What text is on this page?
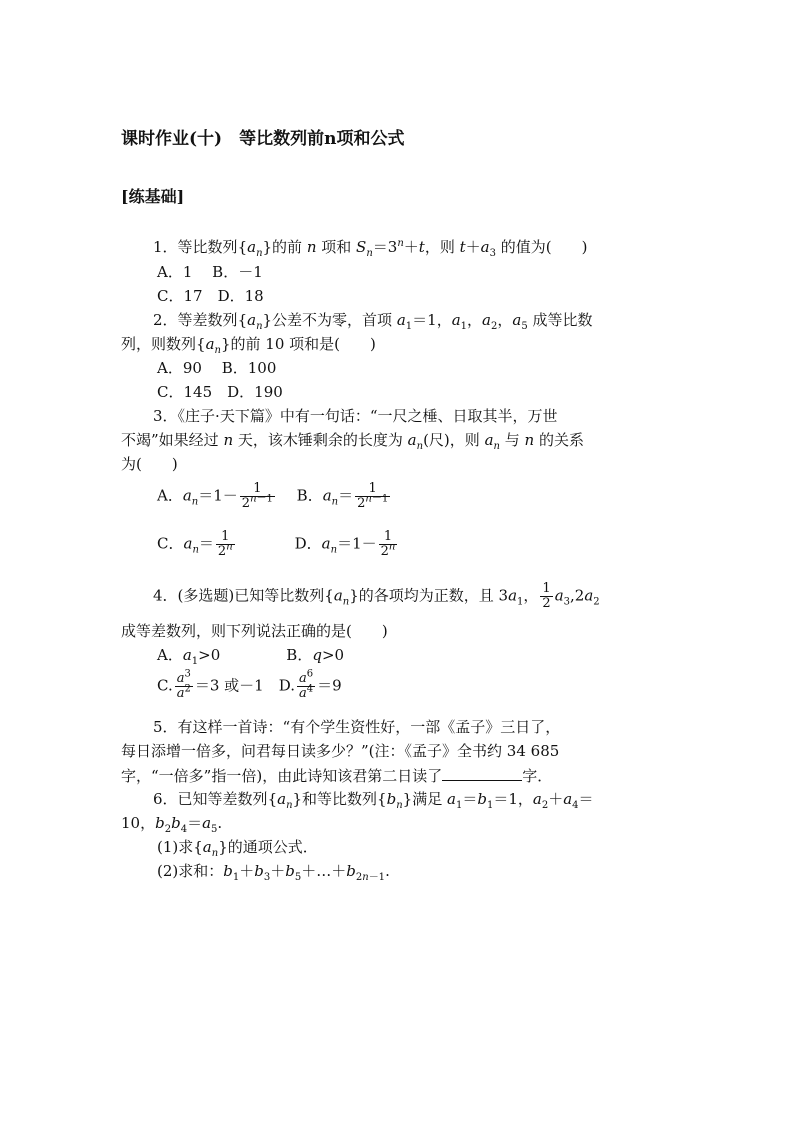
课时作业(十)　等比数列前n项和公式
[练基础]
1．等比数列$\{a_n\}$的前 n 项和 $S_n=3^n+t$，则 $t+a_3$ 的值为(　　)
A．1　 B．－1
C．17　 D．18
2．等差数列$\{a_n\}$公差不为零，首项 $a_1=1$，$a_1$，$a_2$，$a_5$ 成等比数
列，则数列$\{a_n\}$的前 10 项和是(　　)
A．90　 B．100
C．145　 D．190
3．《庄子·天下篇》中有一句话：“一尺之棰、日取其半，万世
不竭”如果经过 n 天，该木锤剩余的长度为 $a_n$(尺)，则 $a_n$ 与 n 的关系
为(　　)
A．$a_n=1- \frac{1}{2^{n-1}}$ 　B．$a_n= \frac{1}{2^{n-1}}$
C．$a_n= \frac{1}{2^n}$	D．$a_n=1- \frac{1}{2^n}$
4．(多选题)已知等比数列$\{a_n\}$的各项均为正数，且 $3a_1$， $\frac{1}{2} a_3,2a_2$
成等差数列，则下列说法正确的是(　　)
A．$a_1>0$	B．q>0
C. $\frac{a^3}{a^2} =3$ 或－1　D. $\frac{a^6}{a^4} =9$
5．有这样一首诗：“有个学生资性好，一部《孟子》三日了，
每日添增一倍多，问君每日读多少？”(注：《孟子》全书约 34 685
字，“一倍多”指一倍)，由此诗知该君第二日读了	字．
6．已知等差数列$\{a_n\}$和等比数列$\{b_n\}$满足 $a_1=b_1=1$，$a_2+a_4=$
10，$b_2b_4=a_5$.
(1)求$\{a_n\}$的通项公式．
(2)求和：$b_1+b_3+b_5+\dots+b_{2n-1}$.
